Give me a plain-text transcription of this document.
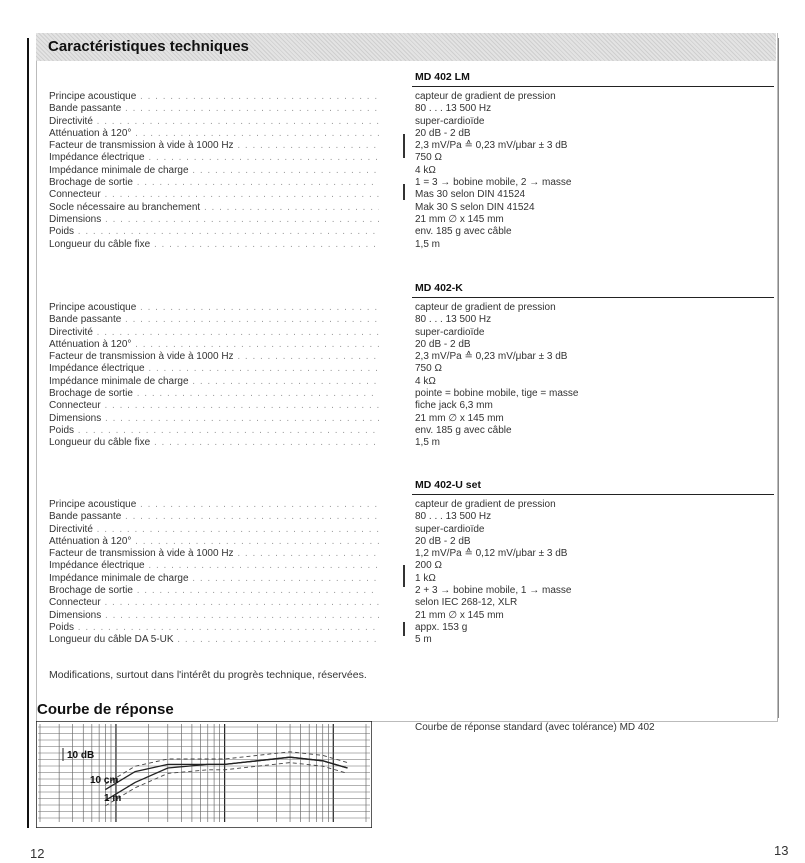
Caractéristiques techniques
MD 402 LM
Principe acoustique . . .	capteur de gradient de pression
Bande passante . . .	80 . . . 13 500 Hz
Directivité . . .	super-cardioïde
Atténuation à 120° . . .	20 dB - 2 dB
Facteur de transmission à vide à 1000 Hz . . .	2,3 mV/Pa ≙ 0,23 mV/μbar ± 3 dB
Impédance électrique . . .	750 Ω
Impédance minimale de charge . . .	4 kΩ
Brochage de sortie . . .	1 = 3 → bobine mobile, 2 → masse
Connecteur . . .	Mas 30 selon DIN 41524
Socle nécessaire au branchement . . .	Mak 30 S selon DIN 41524
Dimensions . . .	21 mm ∅ x 145 mm
Poids . . .	env. 185 g avec câble
Longueur du câble fixe . . .	1,5 m
MD 402-K
Principe acoustique . . .	capteur de gradient de pression
Bande passante . . .	80 . . . 13 500 Hz
Directivité . . .	super-cardioïde
Atténuation à 120° . . .	20 dB - 2 dB
Facteur de transmission à vide à 1000 Hz . . .	2,3 mV/Pa ≙ 0,23 mV/μbar ± 3 dB
Impédance électrique . . .	750 Ω
Impédance minimale de charge . . .	4 kΩ
Brochage de sortie . . .	pointe = bobine mobile, tige = masse
Connecteur . . .	fiche jack 6,3 mm
Dimensions . . .	21 mm ∅ x 145 mm
Poids . . .	env. 185 g avec câble
Longueur du câble fixe . . .	1,5 m
MD 402-U set
Principe acoustique . . .	capteur de gradient de pression
Bande passante . . .	80 . . . 13 500 Hz
Directivité . . .	super-cardioïde
Atténuation à 120° . . .	20 dB - 2 dB
Facteur de transmission à vide à 1000 Hz . . .	1,2 mV/Pa ≙ 0,12 mV/μbar ± 3 dB
Impédance électrique . . .	200 Ω
Impédance minimale de charge . . .	1 kΩ
Brochage de sortie . . .	2 + 3 → bobine mobile, 1 → masse
Connecteur . . .	selon IEC 268-12, XLR
Dimensions . . .	21 mm ∅ x 145 mm
Poids . . .	appx. 153 g
Longueur du câble DA 5-UK . . .	5 m
Modifications, surtout dans l'intérêt du progrès technique, réservées.
Courbe de réponse
Courbe de réponse standard (avec tolérance) MD 402
10 dB
10 cm
1 m
12	13
